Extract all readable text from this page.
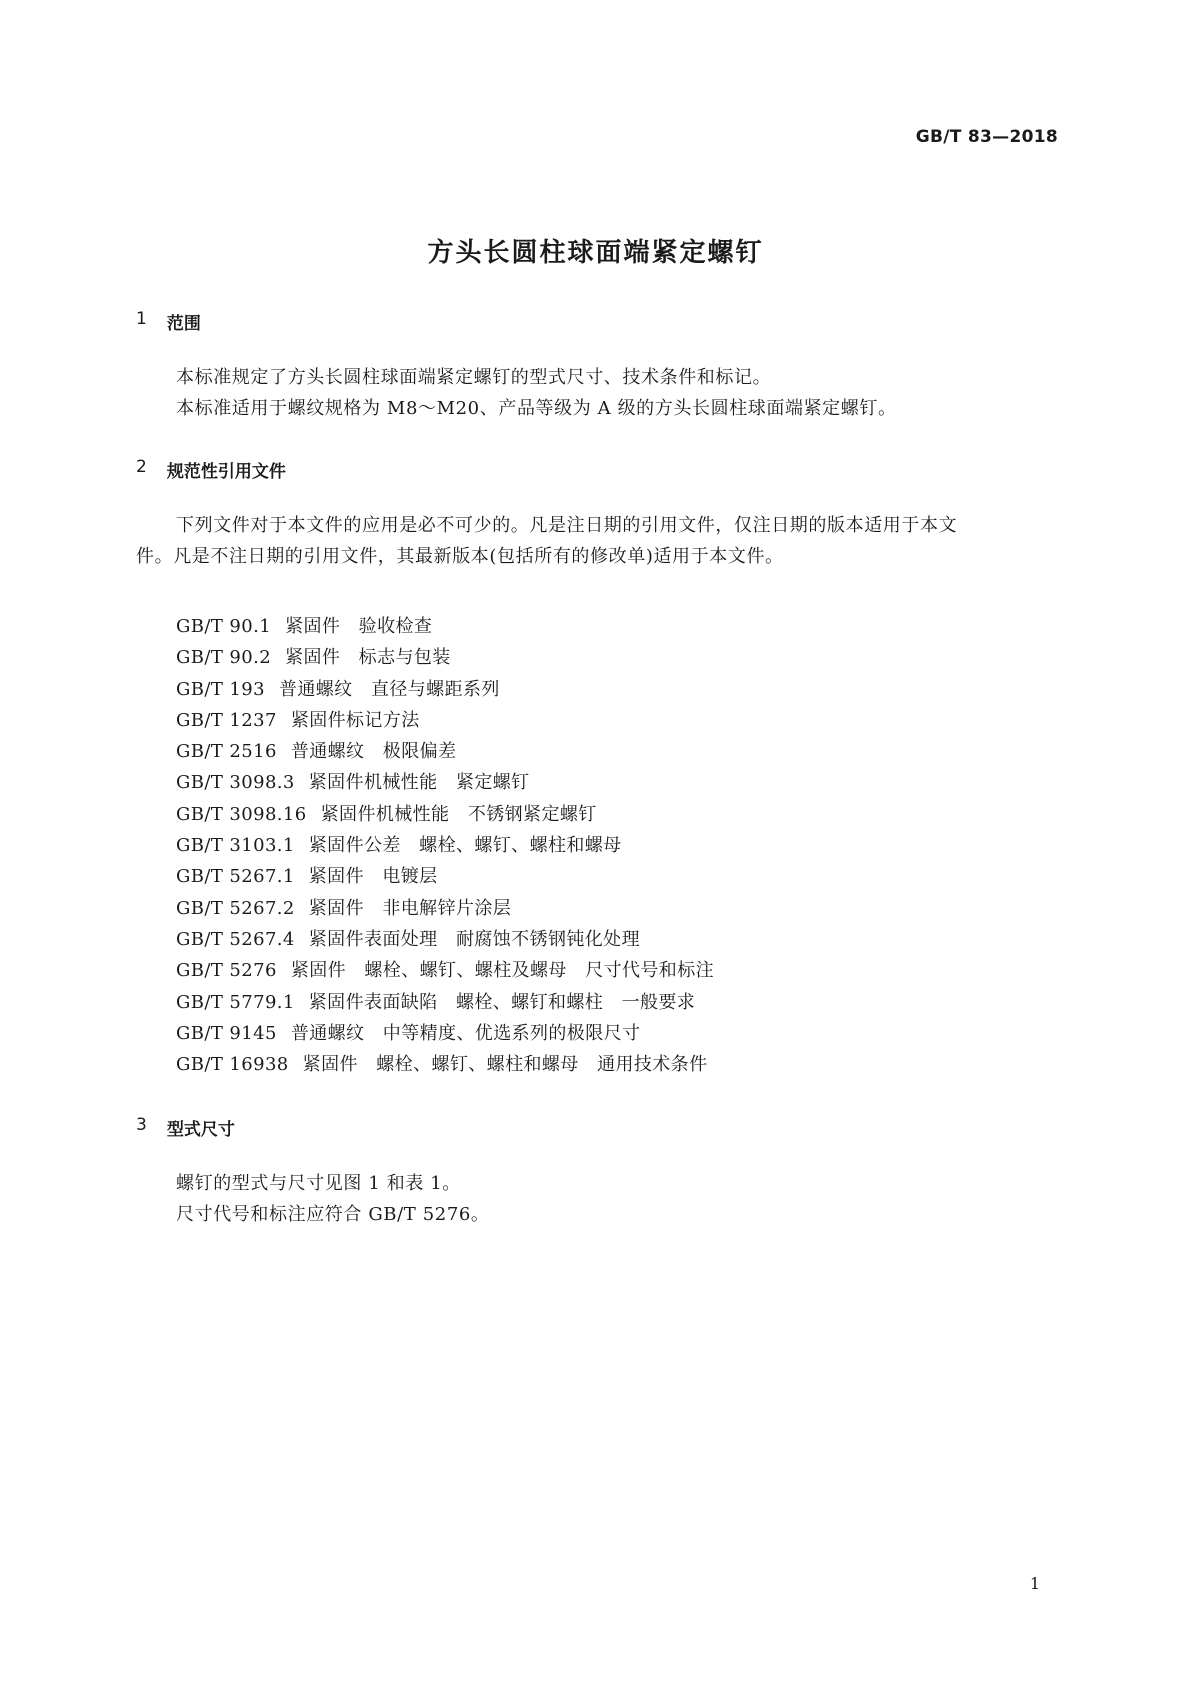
GB/T 83—2018
方头长圆柱球面端紧定螺钉
1 范围
本标准规定了方头长圆柱球面端紧定螺钉的型式尺寸、技术条件和标记。
本标准适用于螺纹规格为 M8～M20、产品等级为 A 级的方头长圆柱球面端紧定螺钉。
2 规范性引用文件
下列文件对于本文件的应用是必不可少的。凡是注日期的引用文件，仅注日期的版本适用于本文
件。凡是不注日期的引用文件，其最新版本(包括所有的修改单)适用于本文件。
GB/T 90.1 紧固件　验收检查
GB/T 90.2 紧固件　标志与包装
GB/T 193 普通螺纹　直径与螺距系列
GB/T 1237 紧固件标记方法
GB/T 2516 普通螺纹　极限偏差
GB/T 3098.3 紧固件机械性能　紧定螺钉
GB/T 3098.16 紧固件机械性能　不锈钢紧定螺钉
GB/T 3103.1 紧固件公差　螺栓、螺钉、螺柱和螺母
GB/T 5267.1 紧固件　电镀层
GB/T 5267.2 紧固件　非电解锌片涂层
GB/T 5267.4 紧固件表面处理　耐腐蚀不锈钢钝化处理
GB/T 5276 紧固件　螺栓、螺钉、螺柱及螺母　尺寸代号和标注
GB/T 5779.1 紧固件表面缺陷　螺栓、螺钉和螺柱　一般要求
GB/T 9145 普通螺纹　中等精度、优选系列的极限尺寸
GB/T 16938 紧固件　螺栓、螺钉、螺柱和螺母　通用技术条件
3 型式尺寸
螺钉的型式与尺寸见图 1 和表 1。
尺寸代号和标注应符合 GB/T 5276。
1
